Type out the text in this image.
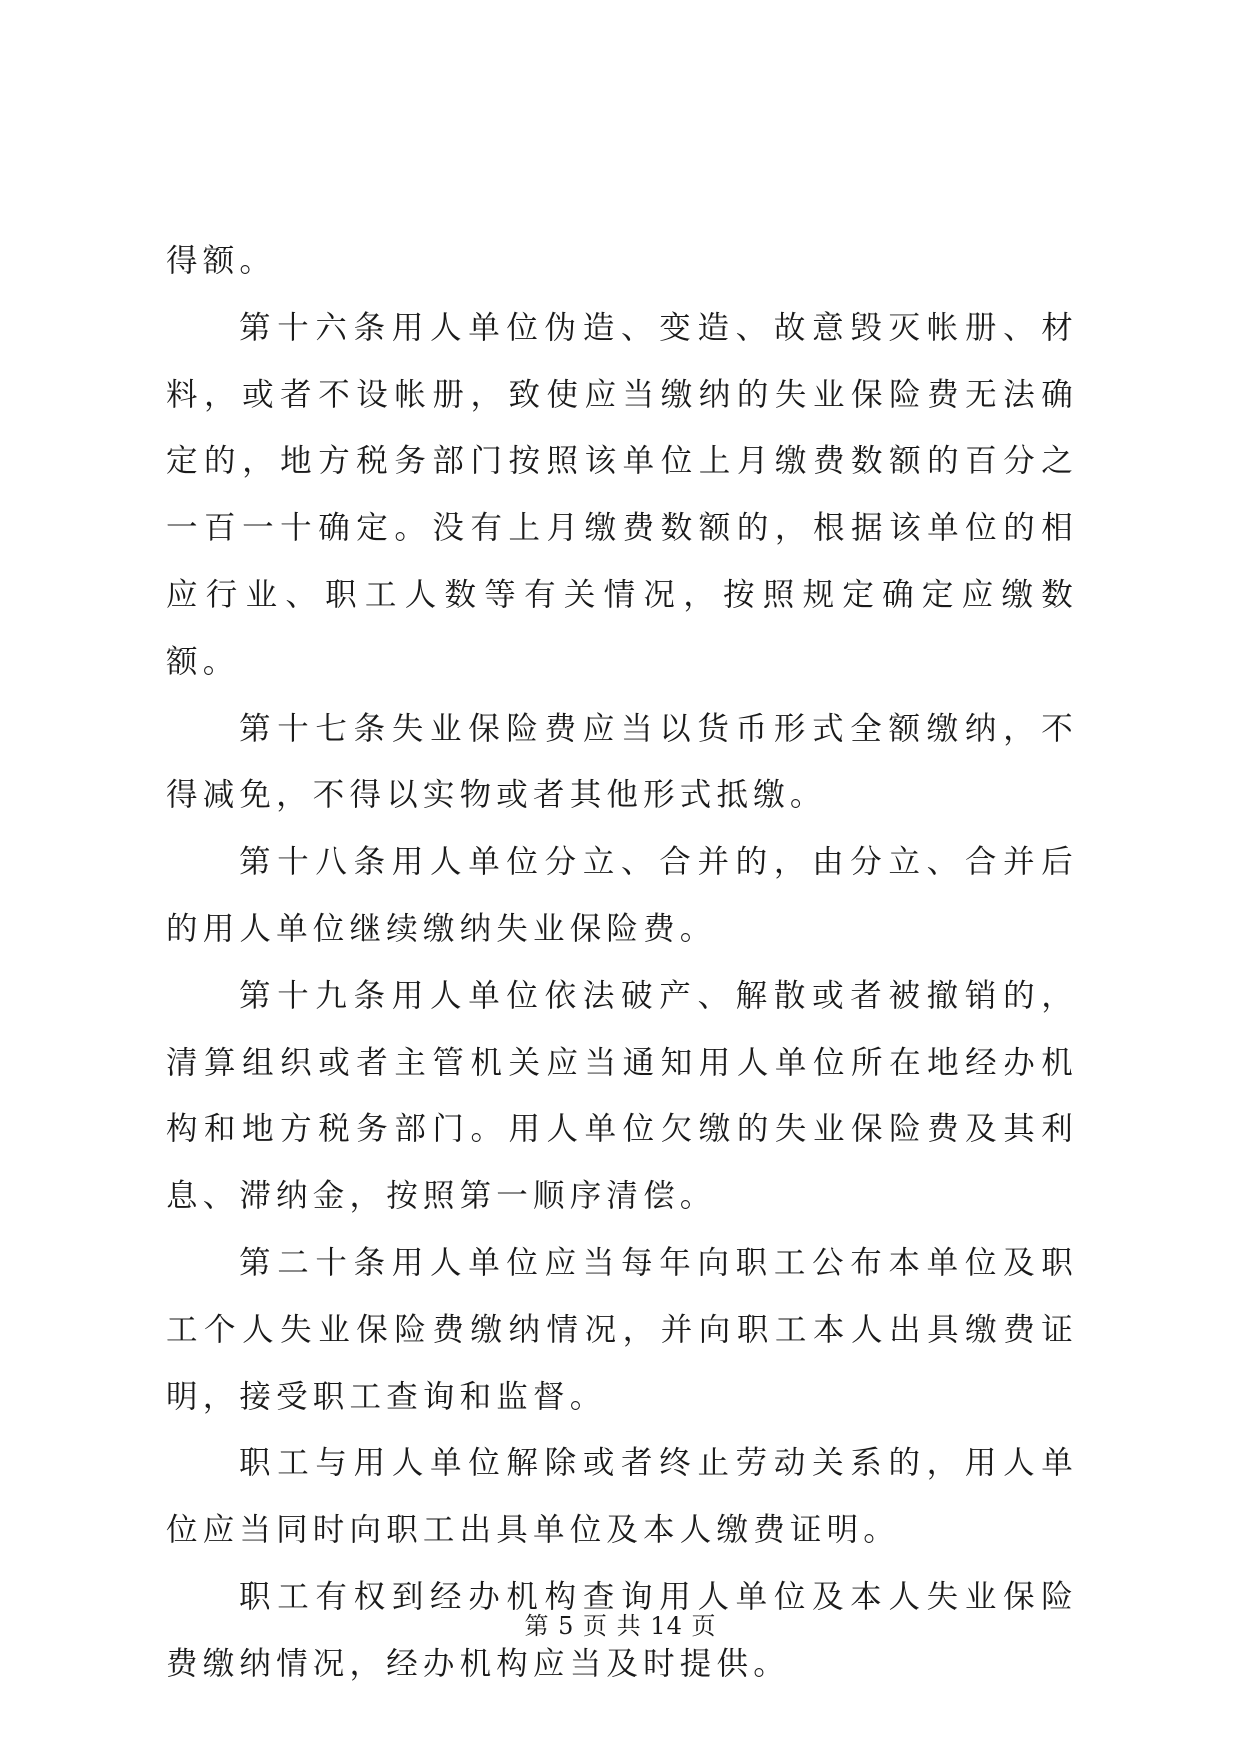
得额。

第十六条用人单位伪造、变造、故意毁灭帐册、材料，或者不设帐册，致使应当缴纳的失业保险费无法确定的，地方税务部门按照该单位上月缴费数额的百分之一百一十确定。没有上月缴费数额的，根据该单位的相应行业、职工人数等有关情况，按照规定确定应缴数额。

第十七条失业保险费应当以货币形式全额缴纳，不得减免，不得以实物或者其他形式抵缴。

第十八条用人单位分立、合并的，由分立、合并后的用人单位继续缴纳失业保险费。

第十九条用人单位依法破产、解散或者被撤销的，清算组织或者主管机关应当通知用人单位所在地经办机构和地方税务部门。用人单位欠缴的失业保险费及其利息、滞纳金，按照第一顺序清偿。

第二十条用人单位应当每年向职工公布本单位及职工个人失业保险费缴纳情况，并向职工本人出具缴费证明，接受职工查询和监督。

职工与用人单位解除或者终止劳动关系的，用人单位应当同时向职工出具单位及本人缴费证明。

职工有权到经办机构查询用人单位及本人失业保险费缴纳情况，经办机构应当及时提供。

第 5 页 共 14 页
